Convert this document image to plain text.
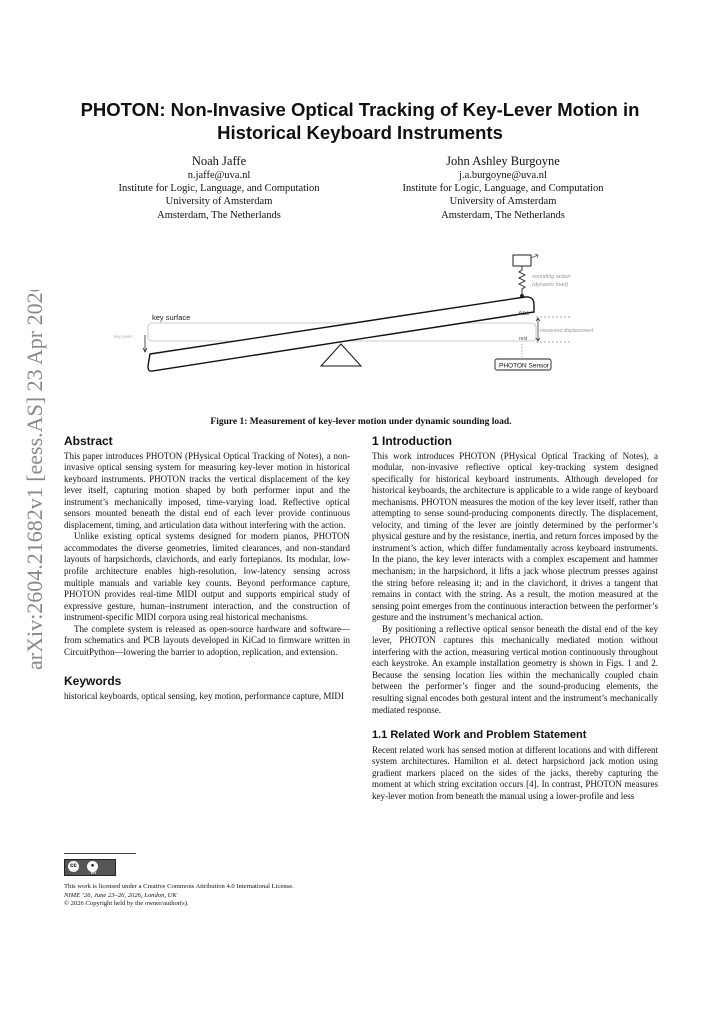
arXiv:2604.21682v1 [eess.AS] 23 Apr 2026
PHOTON: Non-Invasive Optical Tracking of Key-Lever Motion in Historical Keyboard Instruments
Noah Jaffe
n.jaffe@uva.nl
Institute for Logic, Language, and Computation
University of Amsterdam
Amsterdam, The Netherlands
John Ashley Burgoyne
j.a.burgoyne@uva.nl
Institute for Logic, Language, and Computation
University of Amsterdam
Amsterdam, The Netherlands
sounding action
(dynamic load)
key surface
key pivot
rise
rest
measured displacement
PHOTON Sensor
Figure 1: Measurement of key-lever motion under dynamic sounding load.
Abstract

This paper introduces PHOTON (PHysical Optical Tracking of Notes), a non-invasive optical sensing system for measuring key-lever motion in historical keyboard instruments. PHOTON tracks the vertical displacement of the key lever itself, capturing motion shaped by both performer input and the instrument’s mechanically imposed, time-varying load. Reflective optical sensors mounted beneath the distal end of each lever provide continuous displacement, timing, and articulation data without interfering with the action.

Unlike existing optical systems designed for modern pianos, PHOTON accommodates the diverse geometries, limited clearances, and non-standard layouts of harpsichords, clavichords, and early fortepianos. Its modular, low-profile architecture enables high-resolution, low-latency sensing across multiple manuals and variable key counts. Beyond performance capture, PHOTON provides real-time MIDI output and supports empirical study of expressive gesture, human–instrument interaction, and the construction of instrument-specific MIDI corpora using real historical mechanisms.

The complete system is released as open-source hardware and software—from schematics and PCB layouts developed in KiCad to firmware written in CircuitPython—lowering the barrier to adoption, replication, and extension.

Keywords

historical keyboards, optical sensing, key motion, performance capture, MIDI

cc	●
BY
This work is licensed under a Creative Commons Attribution 4.0 International License.
NIME ’26, June 23–26, 2026, London, UK
© 2026 Copyright held by the owner/author(s).
1 Introduction

This work introduces PHOTON (PHysical Optical Tracking of Notes), a modular, non-invasive reflective optical key-tracking system designed specifically for historical keyboard instruments. Although developed for historical keyboards, the architecture is applicable to a wide range of keyboard mechanisms. PHOTON measures the motion of the key lever itself, rather than attempting to sense sound-producing components directly. The displacement, velocity, and timing of the lever are jointly determined by the performer’s physical gesture and by the resistance, inertia, and return forces imposed by the instrument’s action, which differ fundamentally across keyboard instruments. In the piano, the key lever interacts with a complex escapement and hammer mechanism; in the harpsichord, it lifts a jack whose plectrum presses against the string before releasing it; and in the clavichord, it drives a tangent that remains in contact with the string. As a result, the motion measured at the sensing point emerges from the continuous interaction between the performer’s gesture and the instrument’s mechanical action.

By positioning a reflective optical sensor beneath the distal end of the key lever, PHOTON captures this mechanically mediated motion without interfering with the action, measuring vertical motion continuously throughout each keystroke. An example installation geometry is shown in Figs. 1 and 2. Because the sensing location lies within the mechanically coupled chain between the performer’s finger and the sound-producing elements, the resulting signal encodes both gestural intent and the instrument’s mechanically mediated response.

1.1 Related Work and Problem Statement

Recent related work has sensed motion at different locations and with different system architectures. Hamilton et al. detect harpsichord jack motion using gradient markers placed on the sides of the jacks, thereby capturing the moment at which string excitation occurs [4]. In contrast, PHOTON measures key-lever motion from beneath the manual using a lower-profile and less
